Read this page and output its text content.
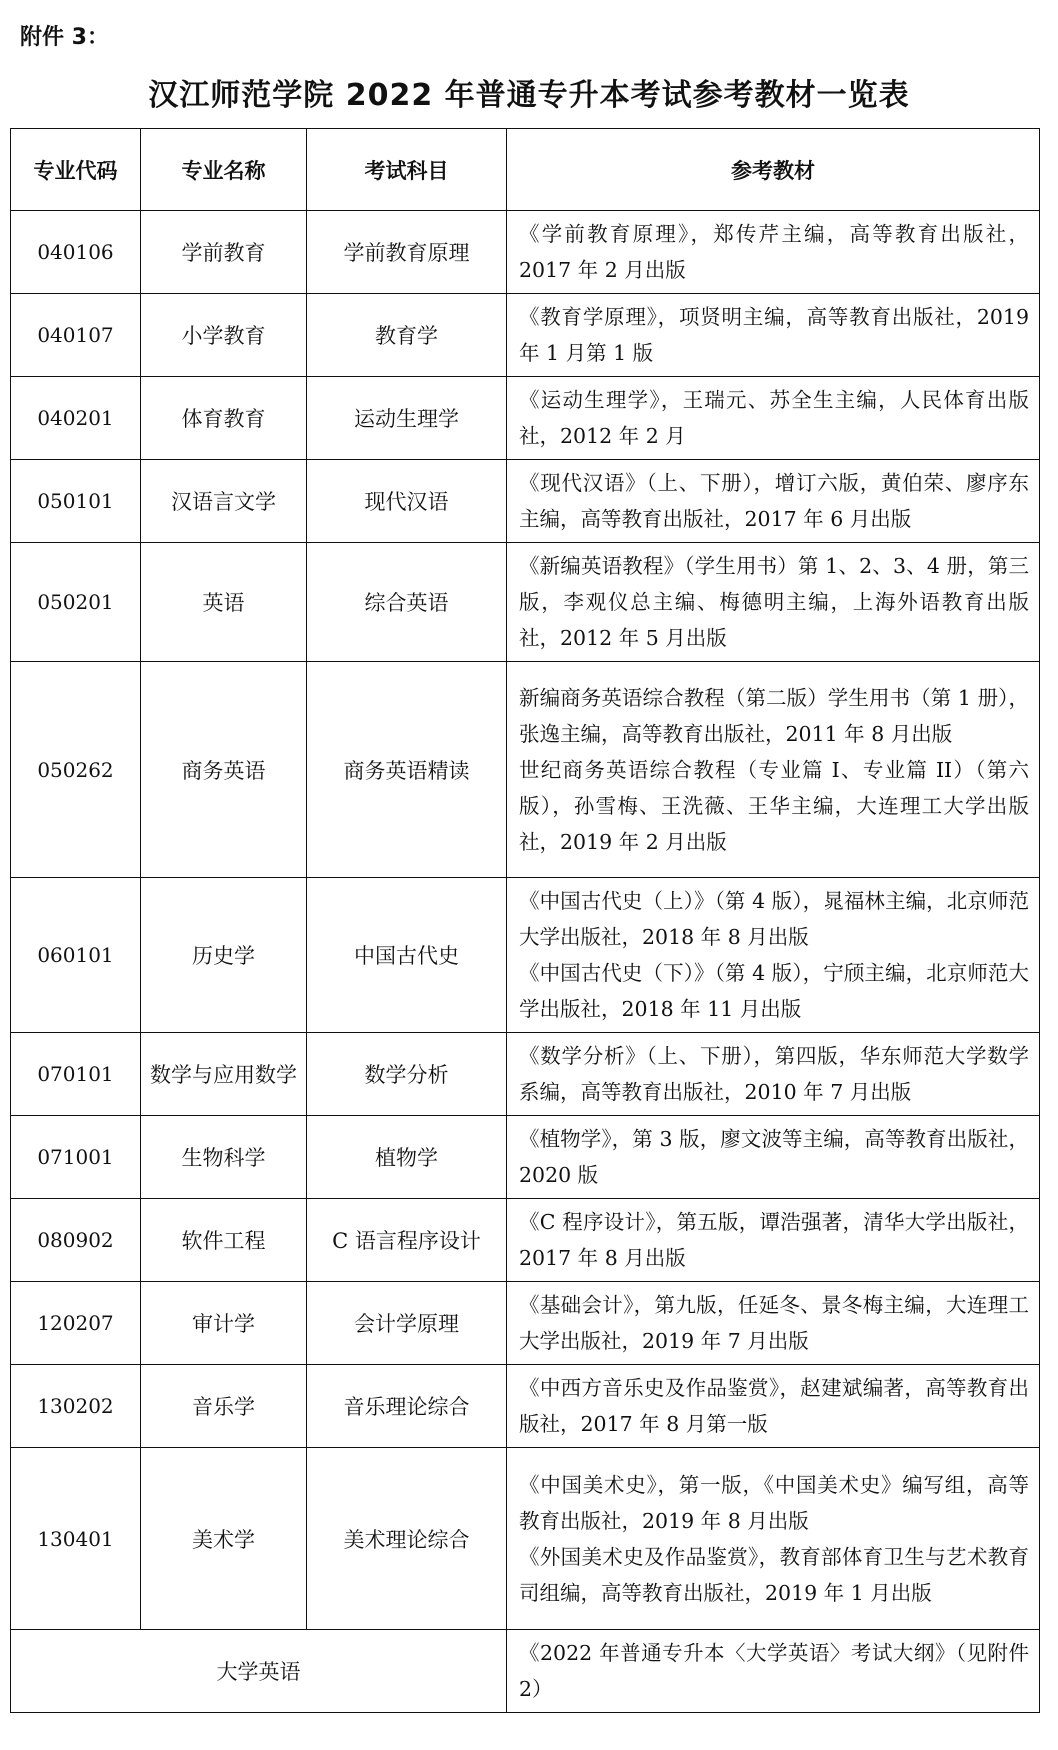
附件 3：
汉江师范学院 2022 年普通专升本考试参考教材一览表
专业代码	专业名称	考试科目	参考教材
040106	学前教育	学前教育原理	《学前教育原理》，郑传芹主编，高等教育出版社，2017 年 2 月出版

040107	小学教育	教育学	《教育学原理》，项贤明主编，高等教育出版社，2019 年 1 月第 1 版

040201	体育教育	运动生理学	《运动生理学》，王瑞元、苏全生主编，人民体育出版社，2012 年 2 月

050101	汉语言文学	现代汉语	《现代汉语》（上、下册），增订六版，黄伯荣、廖序东主编，高等教育出版社，2017 年 6 月出版

050201	英语	综合英语	《新编英语教程》（学生用书）第 1、2、3、4 册，第三版，李观仪总主编、梅德明主编，上海外语教育出版社，2012 年 5 月出版

050262	商务英语	商务英语精读	新编商务英语综合教程（第二版）学生用书（第 1 册），张逸主编，高等教育出版社，2011 年 8 月出版
世纪商务英语综合教程（专业篇 I、专业篇 II）（第六版），孙雪梅、王洗薇、王华主编，大连理工大学出版社，2019 年 2 月出版

060101	历史学	中国古代史	《中国古代史（上）》（第 4 版），晁福林主编，北京师范大学出版社，2018 年 8 月出版
《中国古代史（下）》（第 4 版），宁颀主编，北京师范大学出版社，2018 年 11 月出版

070101	数学与应用数学	数学分析	《数学分析》（上、下册），第四版，华东师范大学数学系编，高等教育出版社，2010 年 7 月出版

071001	生物科学	植物学	《植物学》，第 3 版，廖文波等主编，高等教育出版社，2020 版

080902	软件工程	C 语言程序设计	《C 程序设计》，第五版，谭浩强著，清华大学出版社，2017 年 8 月出版

120207	审计学	会计学原理	《基础会计》，第九版，任延冬、景冬梅主编，大连理工大学出版社，2019 年 7 月出版

130202	音乐学	音乐理论综合	《中西方音乐史及作品鉴赏》，赵建斌编著，高等教育出版社，2017 年 8 月第一版

130401	美术学	美术理论综合	《中国美术史》，第一版，《中国美术史》编写组，高等教育出版社，2019 年 8 月出版
《外国美术史及作品鉴赏》，教育部体育卫生与艺术教育司组编，高等教育出版社，2019 年 1 月出版

大学英语			《2022 年普通专升本〈大学英语〉考试大纲》（见附件 2）
